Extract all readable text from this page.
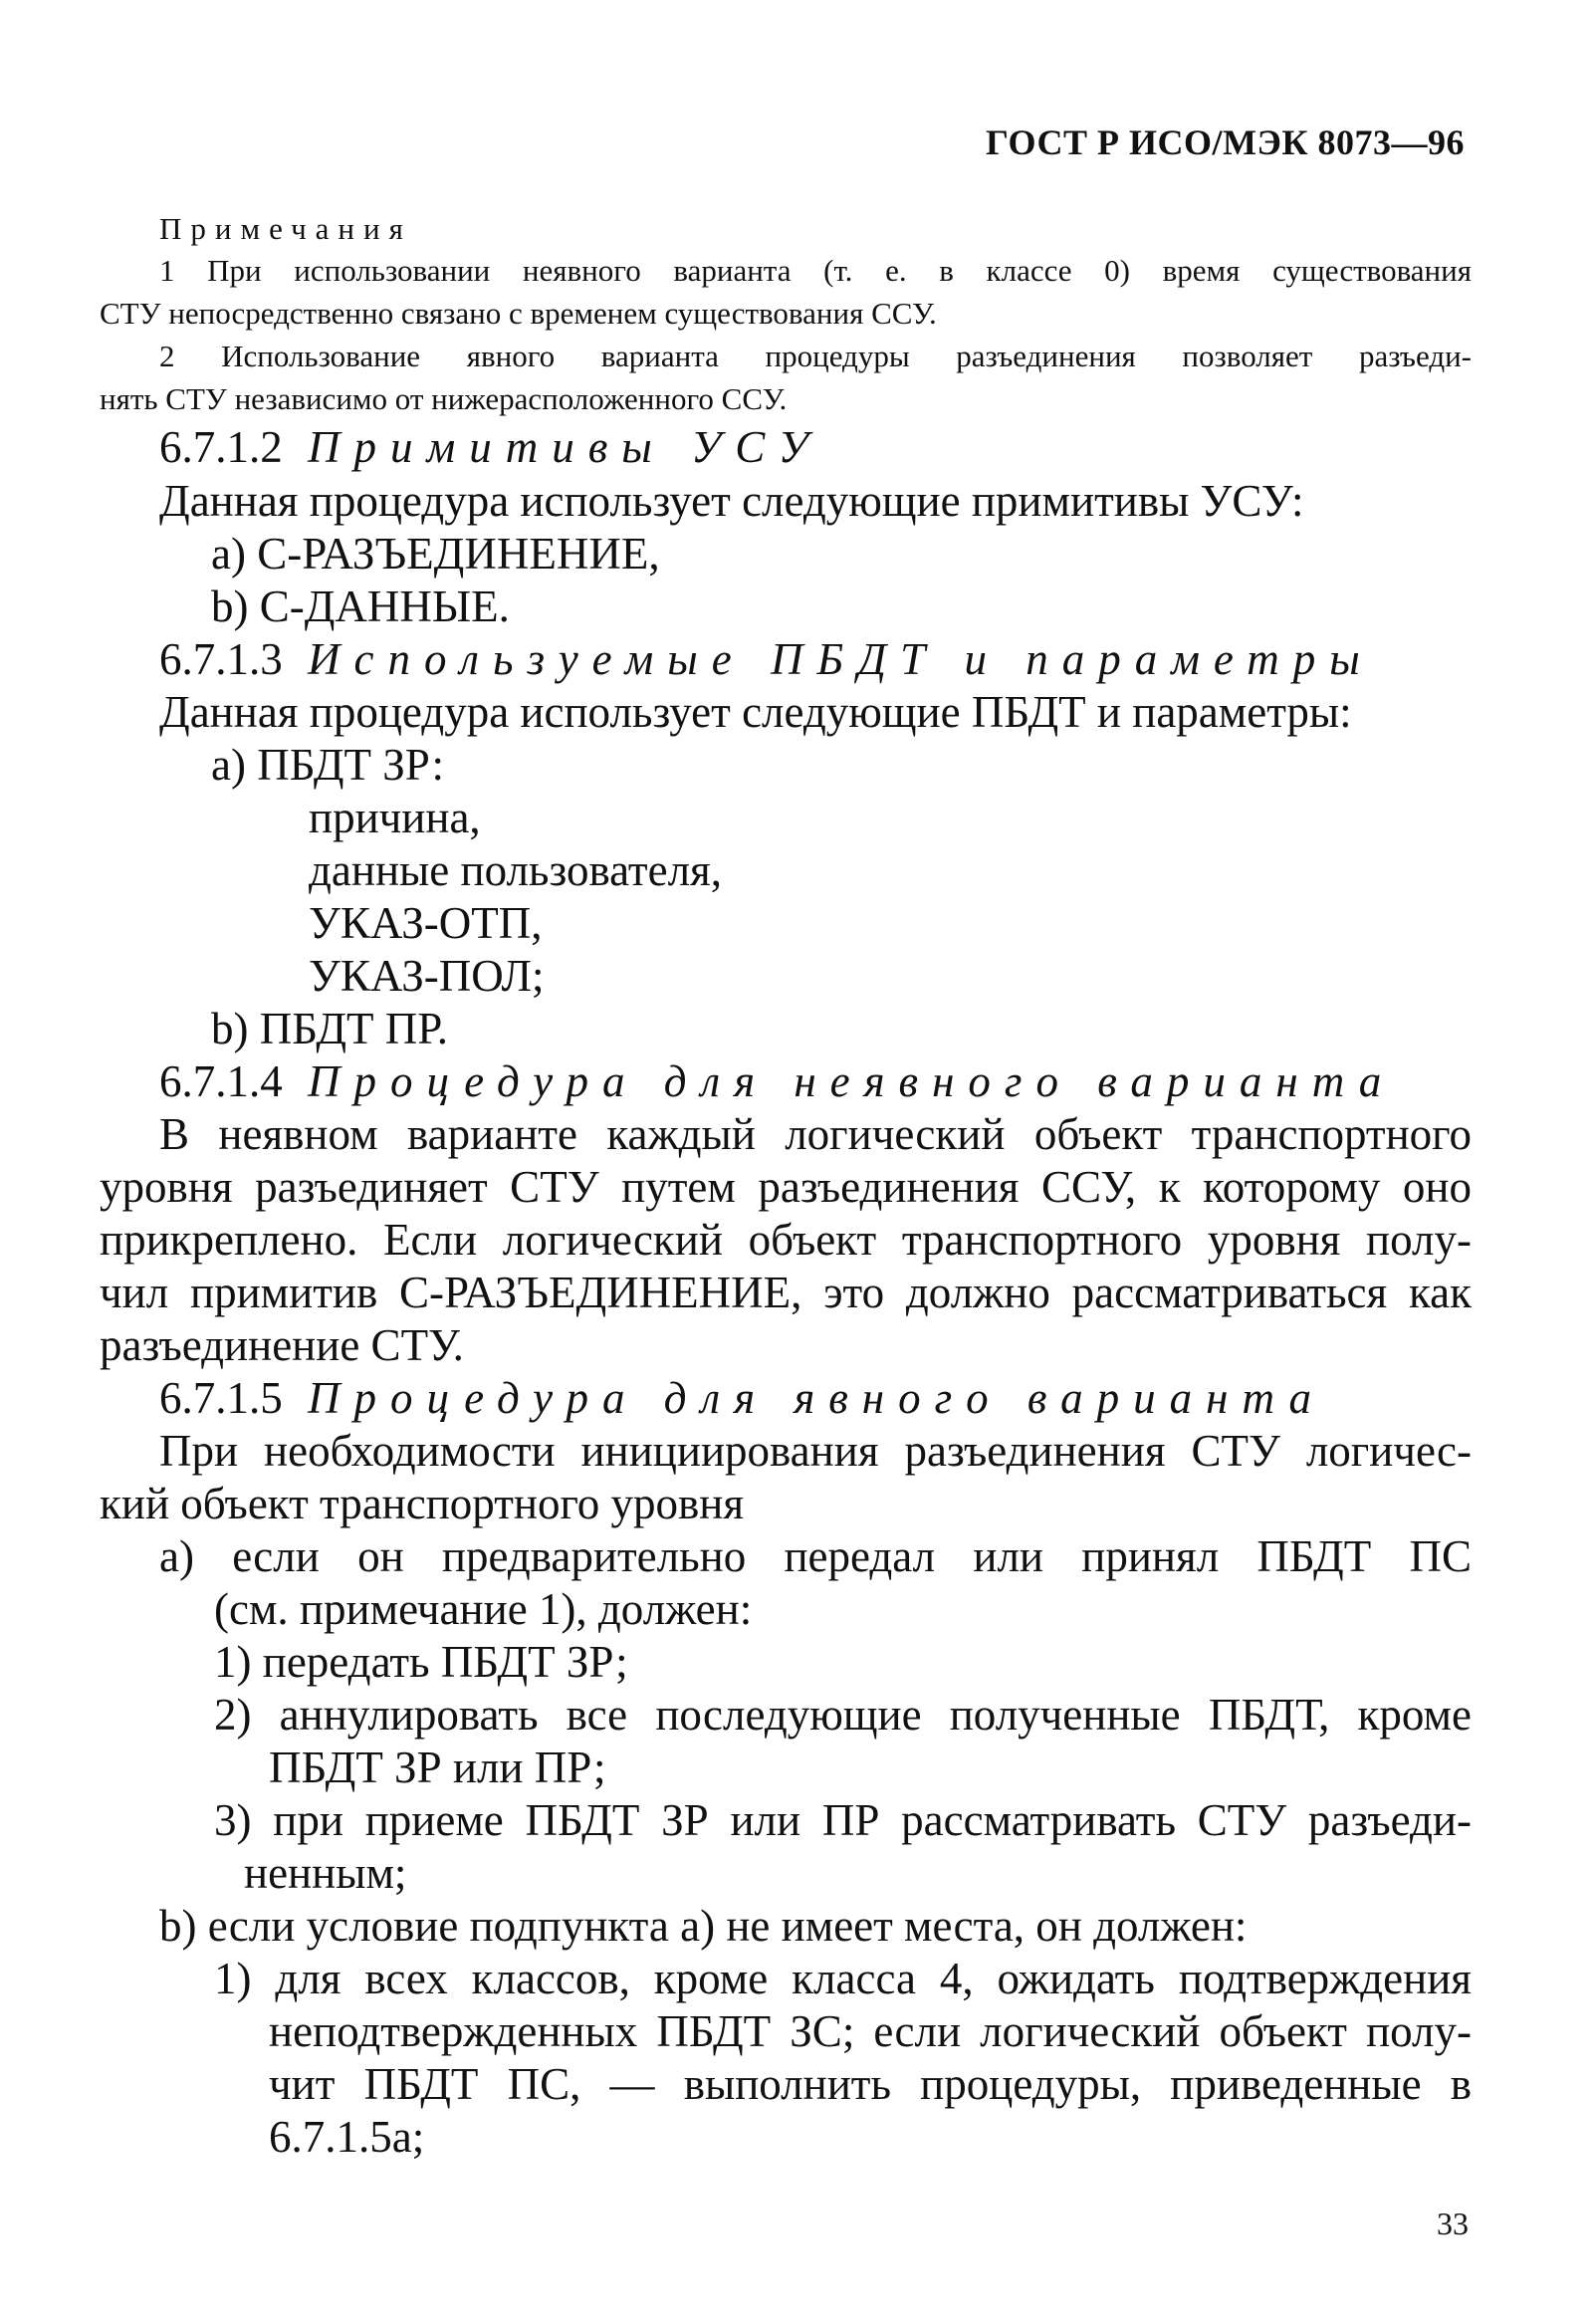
ГОСТ Р ИСО/МЭК 8073—96
Примечания
1 При использовании неявного варианта (т. е. в классе 0) время существования
СТУ непосредственно связано с временем существования ССУ.
2 Использование явного варианта процедуры разъединения позволяет разъеди-
нять СТУ независимо от нижерасположенного ССУ.
6.7.1.2 Примитивы УСУ
Данная процедура использует следующие примитивы УСУ:
а) С-РАЗЪЕДИНЕНИЕ,
b) С-ДАННЫЕ.
6.7.1.3 Используемые ПБДТ и параметры
Данная процедура использует следующие ПБДТ и параметры:
а) ПБДТ ЗР:
причина,
данные пользователя,
УКАЗ-ОТП,
УКАЗ-ПОЛ;
b) ПБДТ ПР.
6.7.1.4 Процедура для неявного варианта
В неявном варианте каждый логический объект транспортного
уровня разъединяет СТУ путем разъединения ССУ, к которому оно
прикреплено. Если логический объект транспортного уровня полу-
чил примитив С-РАЗЪЕДИНЕНИЕ, это должно рассматриваться как
разъединение СТУ.
6.7.1.5 Процедура для явного варианта
При необходимости инициирования разъединения СТУ логичес-
кий объект транспортного уровня
а) если он предварительно передал или принял ПБДТ ПС
(см. примечание 1), должен:
1) передать ПБДТ ЗР;
2) аннулировать все последующие полученные ПБДТ, кроме
ПБДТ ЗР или ПР;
3) при приеме ПБДТ ЗР или ПР рассматривать СТУ разъеди-
ненным;
b) если условие подпункта а) не имеет места, он должен:
1) для всех классов, кроме класса 4, ожидать подтверждения
неподтвержденных ПБДТ ЗС; если логический объект полу-
чит ПБДТ ПС, — выполнить процедуры, приведенные в
6.7.1.5а;
33
